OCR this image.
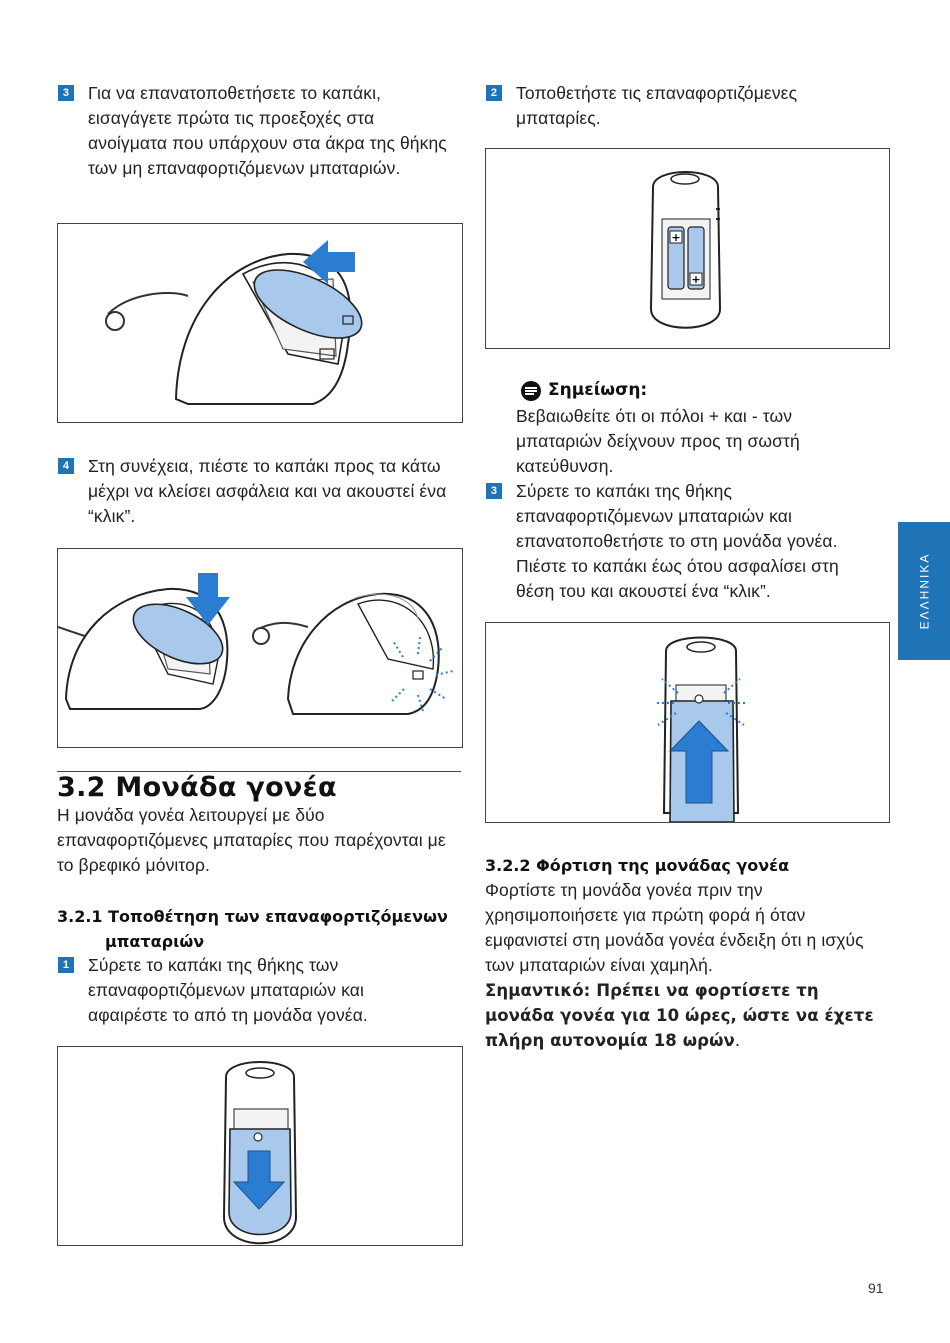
3 Για να επανατοποθετήσετε το καπάκι, εισαγάγετε πρώτα τις προεξοχές στα ανοίγματα που υπάρχουν στα άκρα της θήκης των μη επαναφορτιζόμενων μπαταριών.
4 Στη συνέχεια, πιέστε το καπάκι προς τα κάτω μέχρι να κλείσει ασφάλεια και να ακουστεί ένα “κλικ”.
3.2 Μονάδα γονέα
Η μονάδα γονέα λειτουργεί με δύο επαναφορτιζόμενες μπαταρίες που παρέχονται με το βρεφικό μόνιτορ.
3.2.1 Τοποθέτηση των επαναφορτιζόμενων
μπαταριών
1 Σύρετε το καπάκι της θήκης των επαναφορτιζόμενων μπαταριών και αφαιρέστε το από τη μονάδα γονέα.
2 Τοποθετήστε τις επαναφορτιζόμενες μπαταρίες.
+
+
Σημείωση:
Βεβαιωθείτε ότι οι πόλοι + και - των μπαταριών δείχνουν προς τη σωστή κατεύθυνση.
3 Σύρετε το καπάκι της θήκης επαναφορτιζόμενων μπαταριών και επανατοποθετήστε το στη μονάδα γονέα. Πιέστε το καπάκι έως ότου ασφαλίσει στη θέση του και ακουστεί ένα “κλικ”.
3.2.2 Φόρτιση της μονάδας γονέα
Φορτίστε τη μονάδα γονέα πριν την χρησιμοποιήσετε για πρώτη φορά ή όταν εμφανιστεί στη μονάδα γονέα ένδειξη ότι η ισχύς των μπαταριών είναι χαμηλή.
Σημαντικό: Πρέπει να φορτίσετε τη μονάδα γονέα για 10 ώρες, ώστε να έχετε πλήρη αυτονομία 18 ωρών.
ΕΛΛΗΝΙΚΑ
91
